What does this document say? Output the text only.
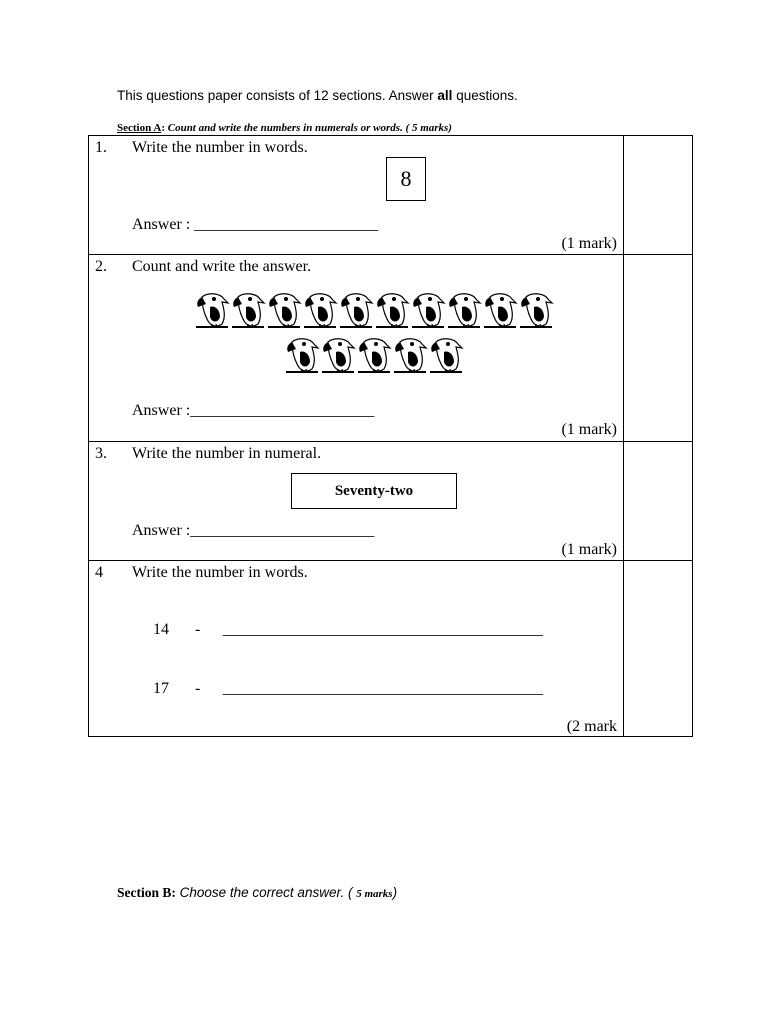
This questions paper consists of 12 sections. Answer all questions.
Section A: Count and write the numbers in numerals or words. ( 5 marks)
1. Write the number in words.
8
Answer : _______________________
(1 mark)	

2. Count and write the answer.
Answer :_______________________
(1 mark)	

3. Write the number in numeral.
Seventy-two
Answer :_______________________
(1 mark)	

4 Write the number in words.
14 - ________________________________________
17 - ________________________________________
(2 mark	

Section B: Choose the correct answer. ( 5 marks)
